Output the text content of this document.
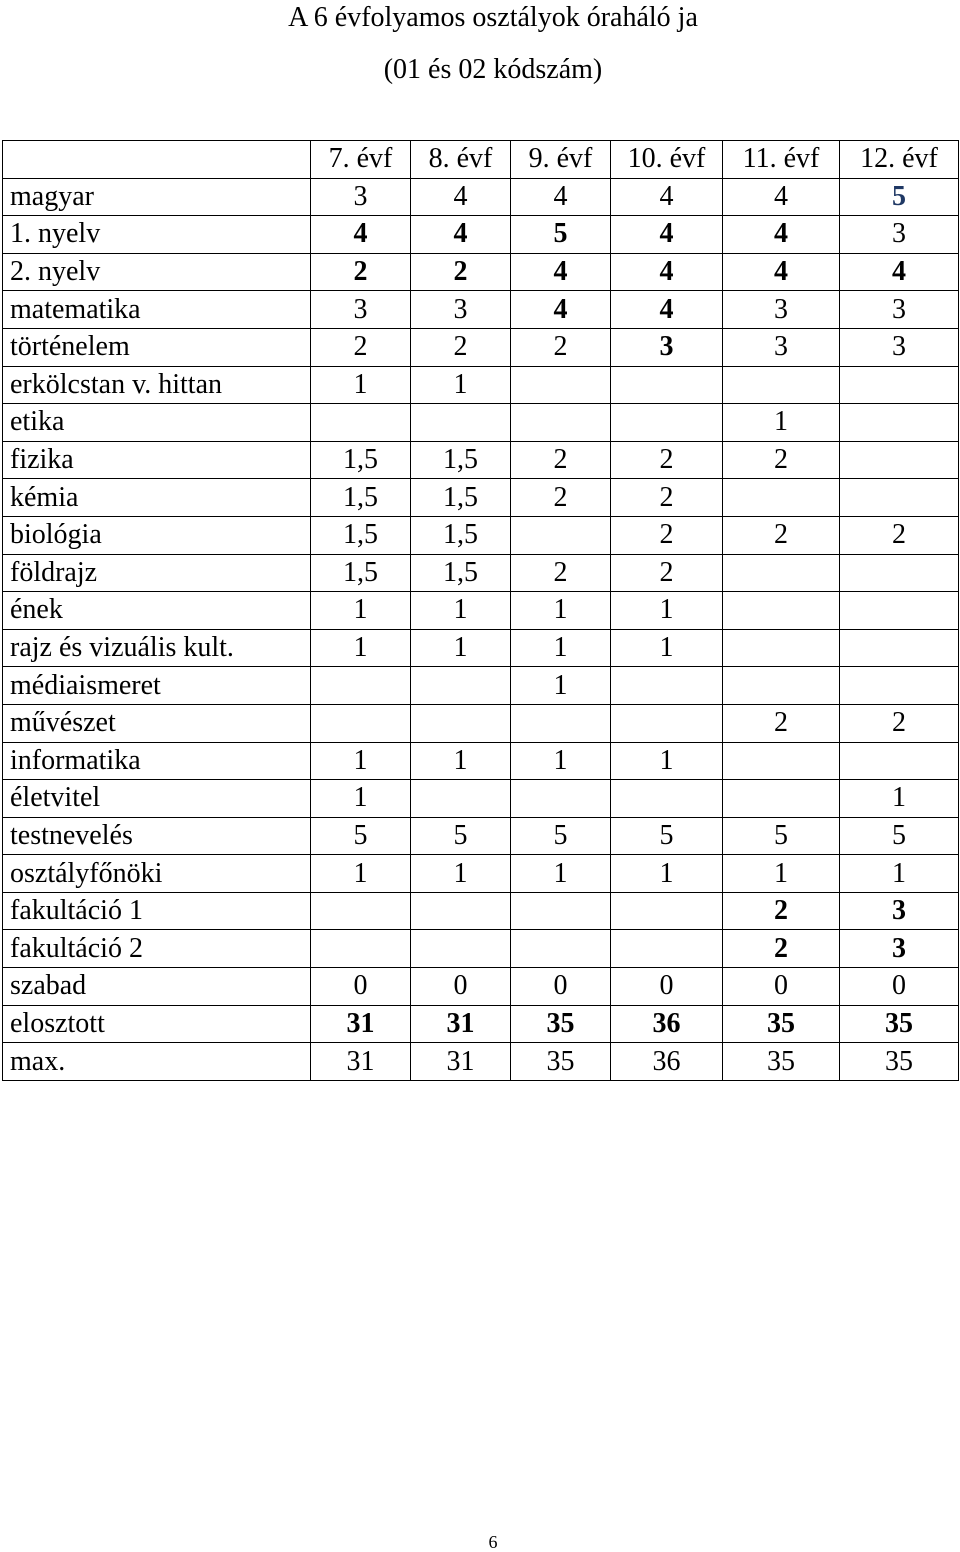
A 6 évfolyamos osztályok óraháló ja
(01 és 02 kódszám)
	7. évf	8. évf	9. évf	10. évf	11. évf	12. évf
magyar	3	4	4	4	4	5
1. nyelv	4	4	5	4	4	3
2. nyelv	2	2	4	4	4	4
matematika	3	3	4	4	3	3
történelem	2	2	2	3	3	3
erkölcstan v. hittan	1	1				
etika					1	
fizika	1,5	1,5	2	2	2	
kémia	1,5	1,5	2	2		
biológia	1,5	1,5		2	2	2
földrajz	1,5	1,5	2	2		
ének	1	1	1	1		
rajz és vizuális kult.	1	1	1	1		
médiaismeret			1			
művészet					2	2
informatika	1	1	1	1		
életvitel	1					1
testnevelés	5	5	5	5	5	5
osztályfőnöki	1	1	1	1	1	1
fakultáció 1					2	3
fakultáció 2					2	3
szabad	0	0	0	0	0	0
elosztott	31	31	35	36	35	35
max.	31	31	35	36	35	35
6
